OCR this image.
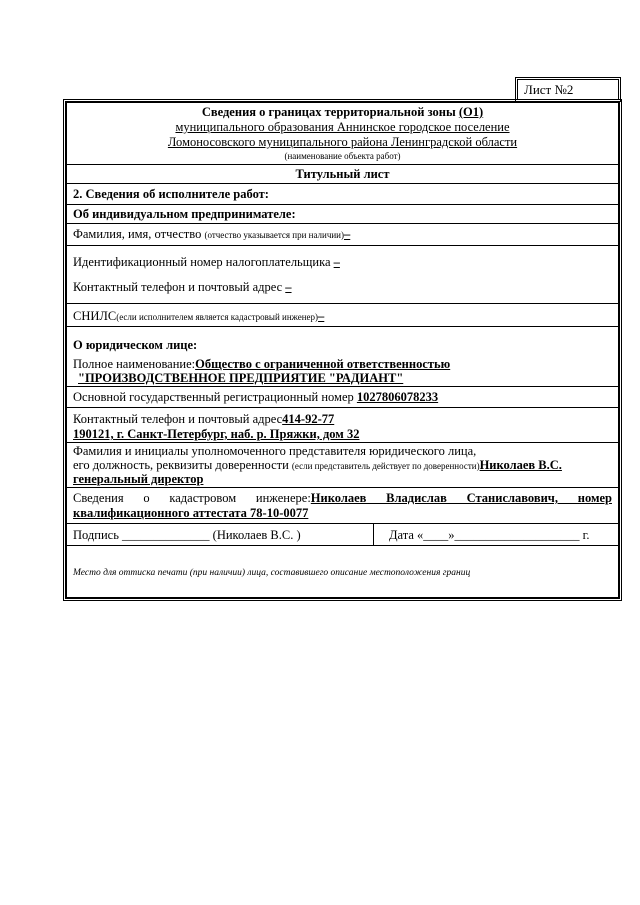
Лист №2
Сведения о границах территориальной зоны (О1)
муниципального образования Аннинское городское поселение
Ломоносовского муниципального района Ленинградской области
(наименование объекта работ)
Титульный лист
2. Сведения об исполнителе работ:
Об индивидуальном предпринимателе:
Фамилия, имя, отчество (отчество указывается при наличии)–
Идентификационный номер налогоплательщика –
Контактный телефон и почтовый адрес –
СНИЛС(если исполнителем является кадастровый инженер)–
О юридическом лице:
Полное наименование:Общество с ограниченной ответственностью
"ПРОИЗВОДСТВЕННОЕ ПРЕДПРИЯТИЕ "РАДИАНТ"
Основной государственный регистрационный номер 1027806078233
Контактный телефон и почтовый адрес414-92-77
190121, г. Санкт-Петербург, наб. р. Пряжки, дом 32
Фамилия и инициалы уполномоченного представителя юридического лица,
его должность, реквизиты доверенности (если представитель действует по доверенности)Николаев В.С.
генеральный директор
Сведения о кадастровом инженере:Николаев Владислав Станиславович, номер
квалификационного аттестата 78-10-0077
Подпись ______________ (Николаев В.С. )	Дата «____»____________________ г.
Место для оттиска печати (при наличии) лица, составившего описание местоположения границ
